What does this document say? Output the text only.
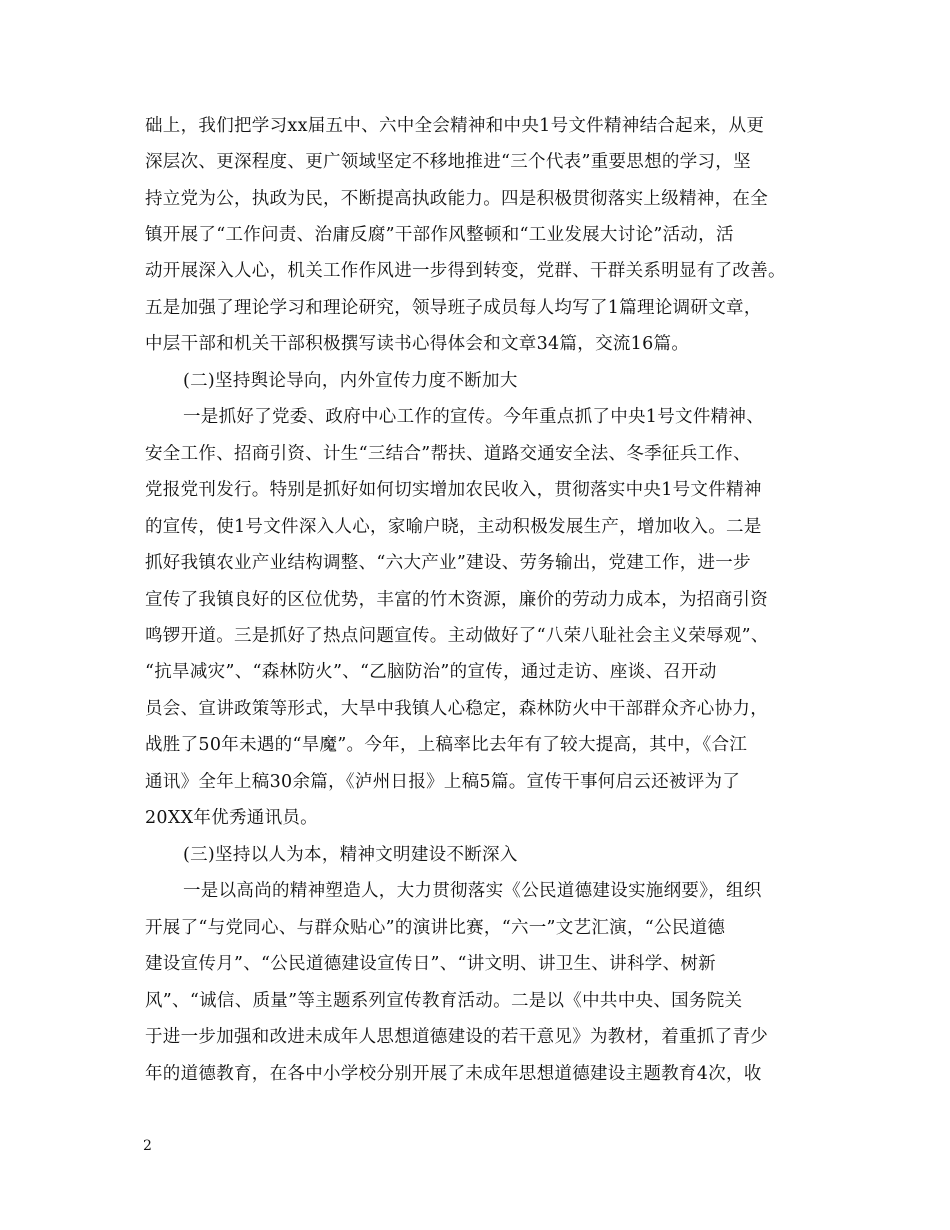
础上，我们把学习xx届五中、六中全会精神和中央1号文件精神结合起来，从更
深层次、更深程度、更广领域坚定不移地推进“三个代表”重要思想的学习，坚
持立党为公，执政为民，不断提高执政能力。四是积极贯彻落实上级精神，在全
镇开展了“工作问责、治庸反腐”干部作风整顿和“工业发展大讨论”活动，活
动开展深入人心，机关工作作风进一步得到转变，党群、干群关系明显有了改善。
五是加强了理论学习和理论研究，领导班子成员每人均写了1篇理论调研文章，
中层干部和机关干部积极撰写读书心得体会和文章34篇，交流16篇。
(二)坚持舆论导向，内外宣传力度不断加大
一是抓好了党委、政府中心工作的宣传。今年重点抓了中央1号文件精神、
安全工作、招商引资、计生“三结合”帮扶、道路交通安全法、冬季征兵工作、
党报党刊发行。特别是抓好如何切实增加农民收入，贯彻落实中央1号文件精神
的宣传，使1号文件深入人心，家喻户晓，主动积极发展生产，增加收入。二是
抓好我镇农业产业结构调整、“六大产业”建设、劳务输出，党建工作，进一步
宣传了我镇良好的区位优势，丰富的竹木资源，廉价的劳动力成本，为招商引资
鸣锣开道。三是抓好了热点问题宣传。主动做好了“八荣八耻社会主义荣辱观”、
“抗旱减灾”、“森林防火”、“乙脑防治”的宣传，通过走访、座谈、召开动
员会、宣讲政策等形式，大旱中我镇人心稳定，森林防火中干部群众齐心协力，
战胜了50年未遇的“旱魔”。今年，上稿率比去年有了较大提高，其中，《合江
通讯》全年上稿30余篇，《泸州日报》上稿5篇。宣传干事何启云还被评为了
20XX年优秀通讯员。
(三)坚持以人为本，精神文明建设不断深入
一是以高尚的精神塑造人，大力贯彻落实《公民道德建设实施纲要》，组织
开展了“与党同心、与群众贴心”的演讲比赛，“六一”文艺汇演，“公民道德
建设宣传月”、“公民道德建设宣传日”、“讲文明、讲卫生、讲科学、树新
风”、“诚信、质量”等主题系列宣传教育活动。二是以《中共中央、国务院关
于进一步加强和改进未成年人思想道德建设的若干意见》为教材，着重抓了青少
年的道德教育，在各中小学校分别开展了未成年思想道德建设主题教育4次，收
2
